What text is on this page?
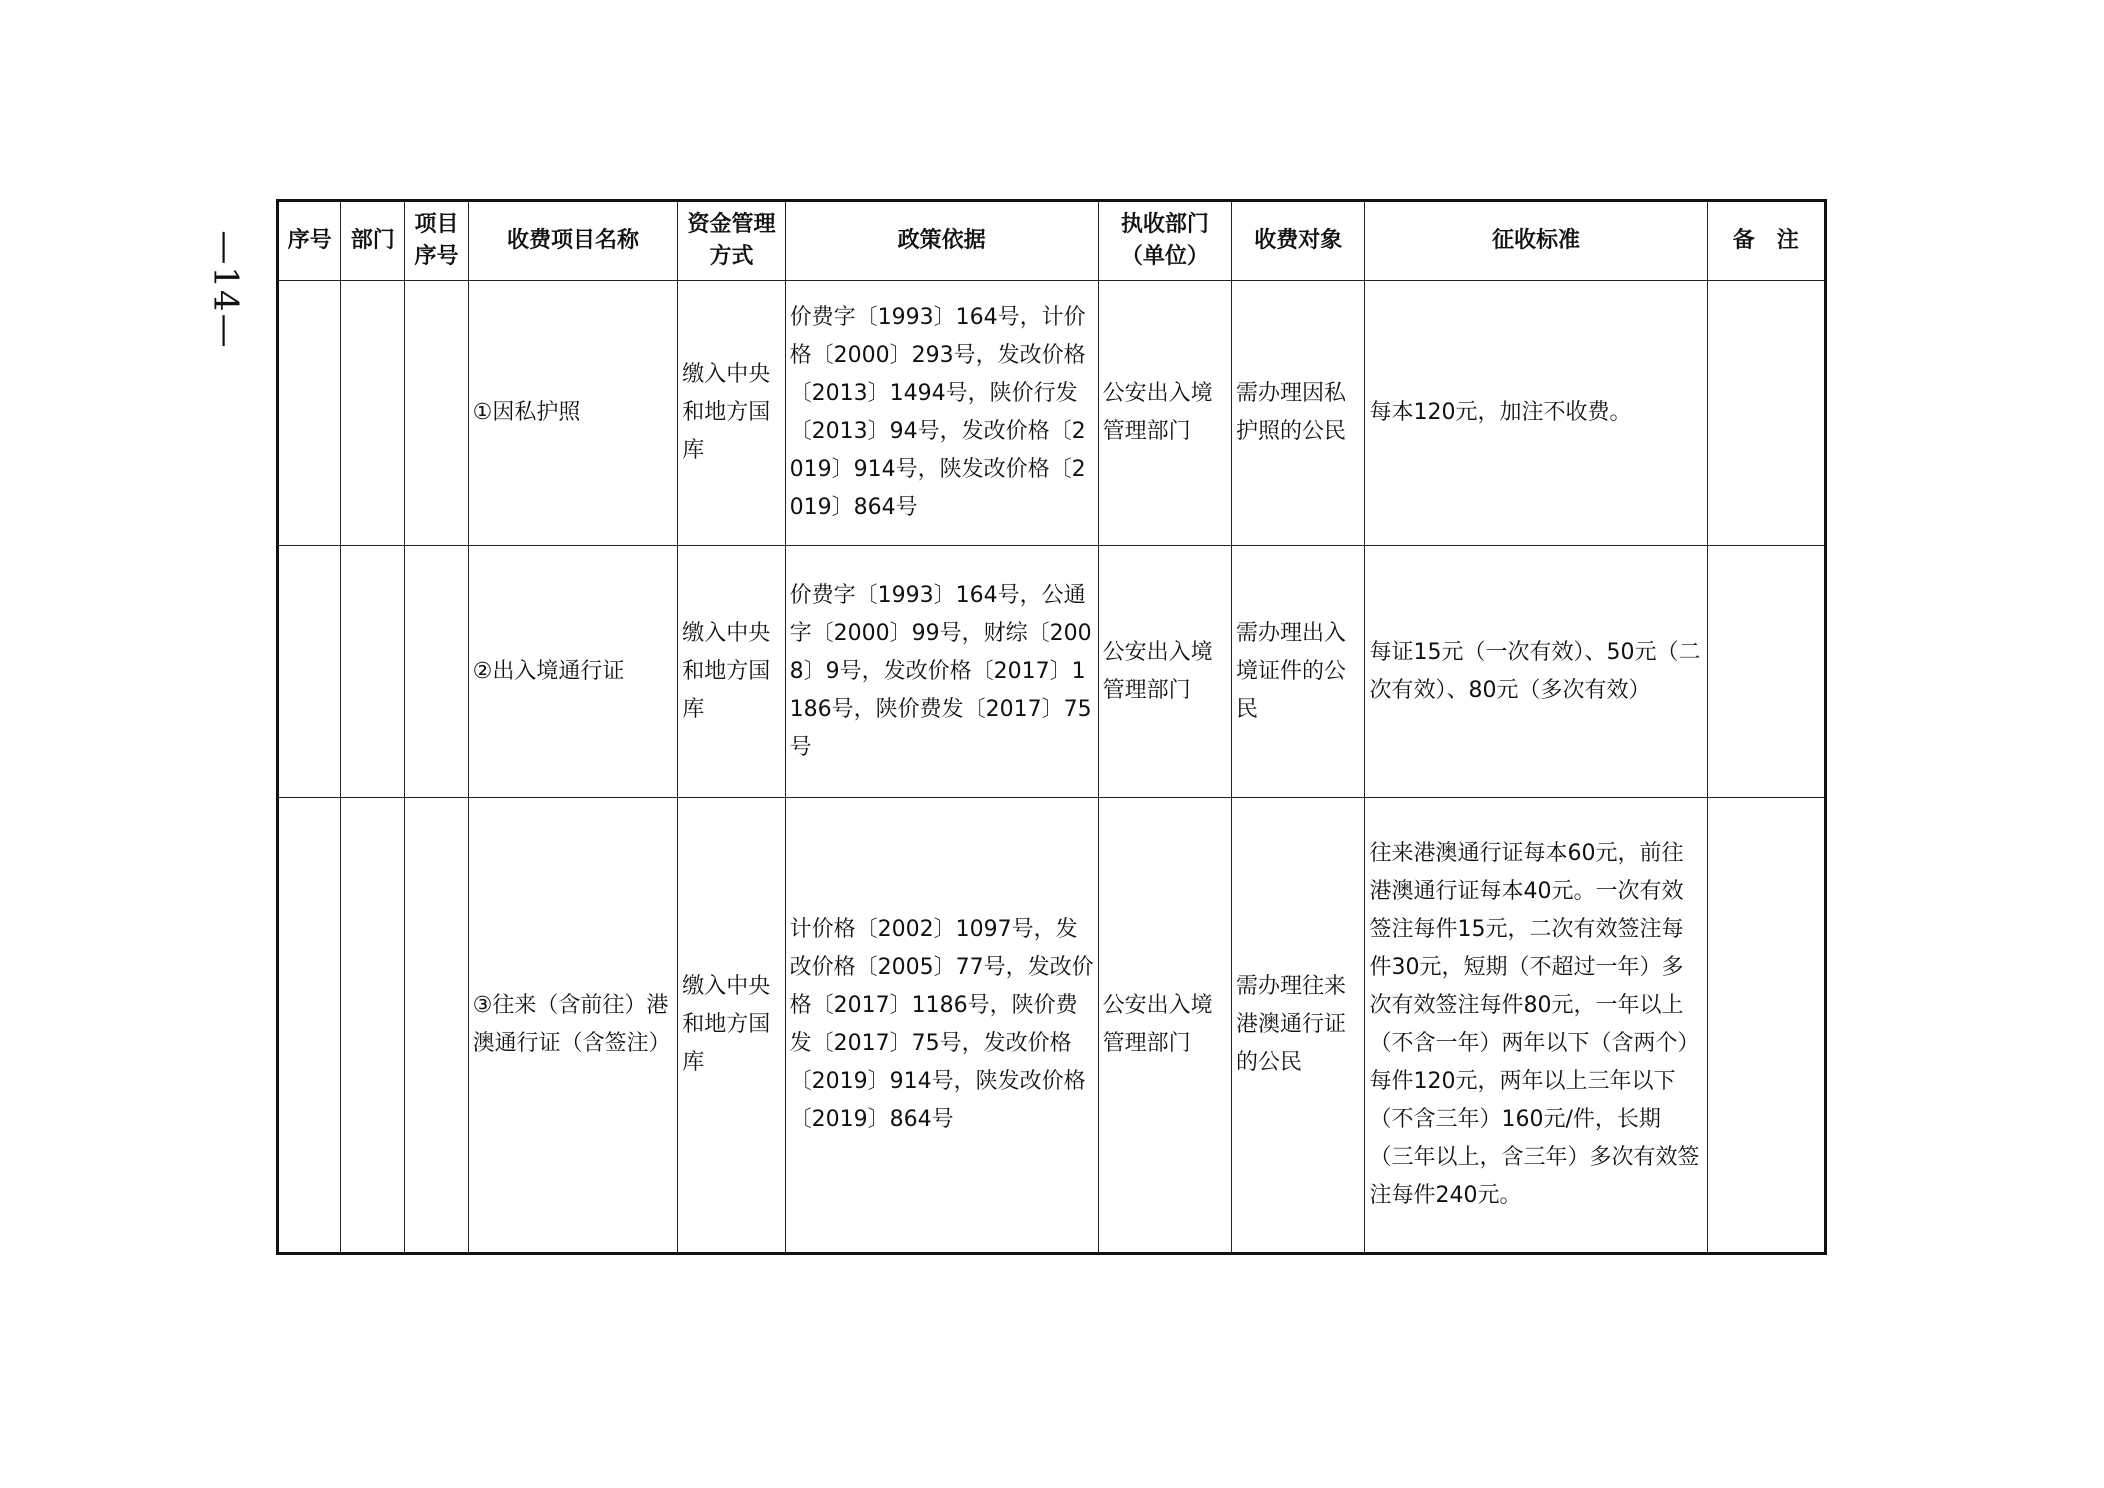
—14— 序号	部门	项目序号	收费项目名称	资金管理方式	政策依据	执收部门（单位）	收费对象	征收标准	备　注
			①因私护照	缴入中央和地方国库	价费字〔1993〕164号，计价格〔2000〕293号，发改价格〔2013〕1494号，陕价行发〔2013〕94号，发改价格〔2019〕914号，陕发改价格〔2019〕864号	公安出入境管理部门	需办理因私护照的公民	每本120元，加注不收费。	
			②出入境通行证	缴入中央和地方国库	价费字〔1993〕164号，公通字〔2000〕99号，财综〔2008〕9号，发改价格〔2017〕1186号，陕价费发〔2017〕75号	公安出入境管理部门	需办理出入境证件的公民	每证15元（一次有效）、50元（二次有效）、80元（多次有效）	
			③往来（含前往）港澳通行证（含签注）	缴入中央和地方国库	计价格〔2002〕1097号，发改价格〔2005〕77号，发改价格〔2017〕1186号，陕价费发〔2017〕75号，发改价格〔2019〕914号，陕发改价格〔2019〕864号	公安出入境管理部门	需办理往来港澳通行证的公民	往来港澳通行证每本60元，前往港澳通行证每本40元。一次有效签注每件15元，二次有效签注每件30元，短期（不超过一年）多次有效签注每件80元，一年以上（不含一年）两年以下（含两个）每件120元，两年以上三年以下（不含三年）160元/件，长期（三年以上，含三年）多次有效签注每件240元。	
